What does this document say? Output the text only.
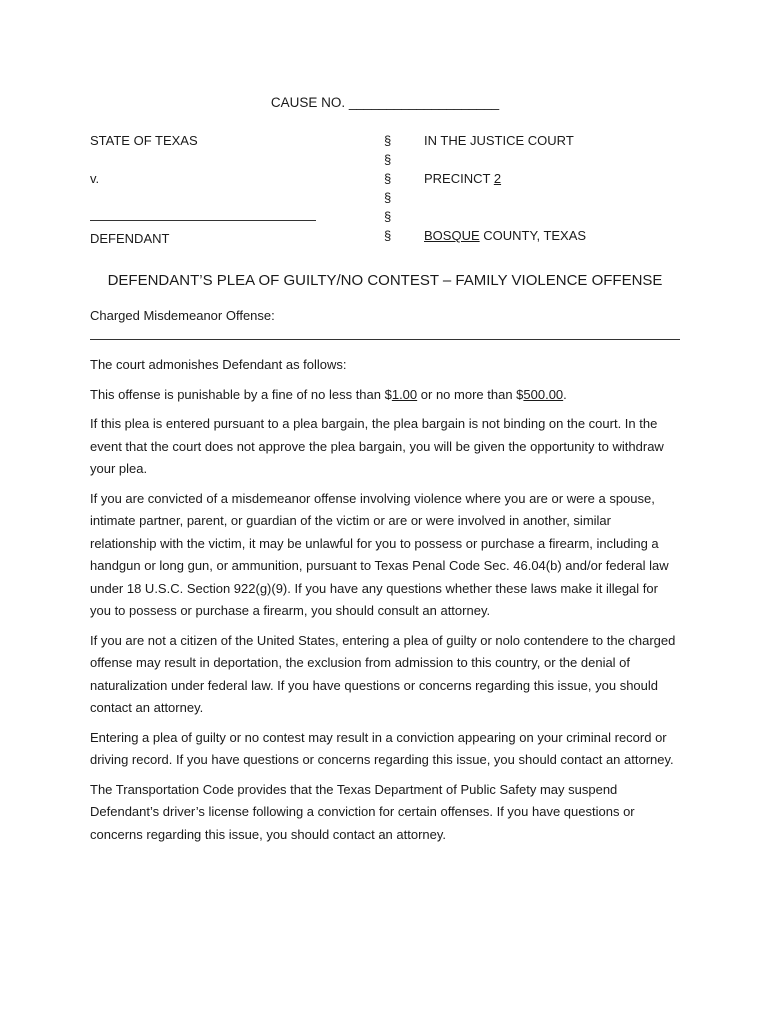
CAUSE NO. ____________________
STATE OF TEXAS
v.
DEFENDANT
§
§
§
§
§
§
IN THE JUSTICE COURT
PRECINCT 2
BOSQUE COUNTY, TEXAS
DEFENDANT’S PLEA OF GUILTY/NO CONTEST – FAMILY VIOLENCE OFFENSE
Charged Misdemeanor Offense:

The court admonishes Defendant as follows:

This offense is punishable by a fine of no less than $1.00 or no more than $500.00.

If this plea is entered pursuant to a plea bargain, the plea bargain is not binding on the court. In the event that the court does not approve the plea bargain, you will be given the opportunity to withdraw your plea.

If you are convicted of a misdemeanor offense involving violence where you are or were a spouse, intimate partner, parent, or guardian of the victim or are or were involved in another, similar relationship with the victim, it may be unlawful for you to possess or purchase a firearm, including a handgun or long gun, or ammunition, pursuant to Texas Penal Code Sec. 46.04(b) and/or federal law under 18 U.S.C. Section 922(g)(9). If you have any questions whether these laws make it illegal for you to possess or purchase a firearm, you should consult an attorney.

If you are not a citizen of the United States, entering a plea of guilty or nolo contendere to the charged offense may result in deportation, the exclusion from admission to this country, or the denial of naturalization under federal law. If you have questions or concerns regarding this issue, you should contact an attorney.

Entering a plea of guilty or no contest may result in a conviction appearing on your criminal record or driving record. If you have questions or concerns regarding this issue, you should contact an attorney.

The Transportation Code provides that the Texas Department of Public Safety may suspend Defendant’s driver’s license following a conviction for certain offenses. If you have questions or concerns regarding this issue, you should contact an attorney.
